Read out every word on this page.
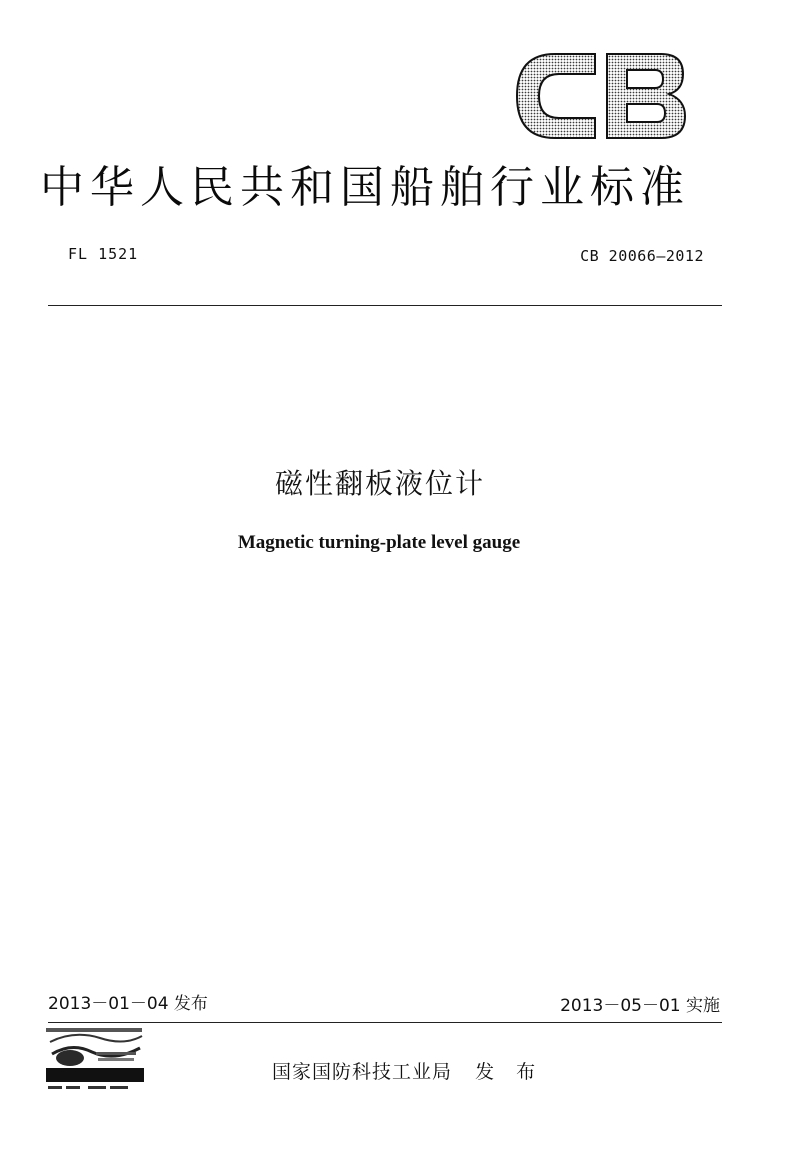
中华人民共和国船舶行业标准
FL 1521	CB 20066—2012
磁性翻板液位计
Magnetic turning-plate level gauge
2013－01－04 发布	2013－05－01 实施
国家国防科技工业局 发 布
